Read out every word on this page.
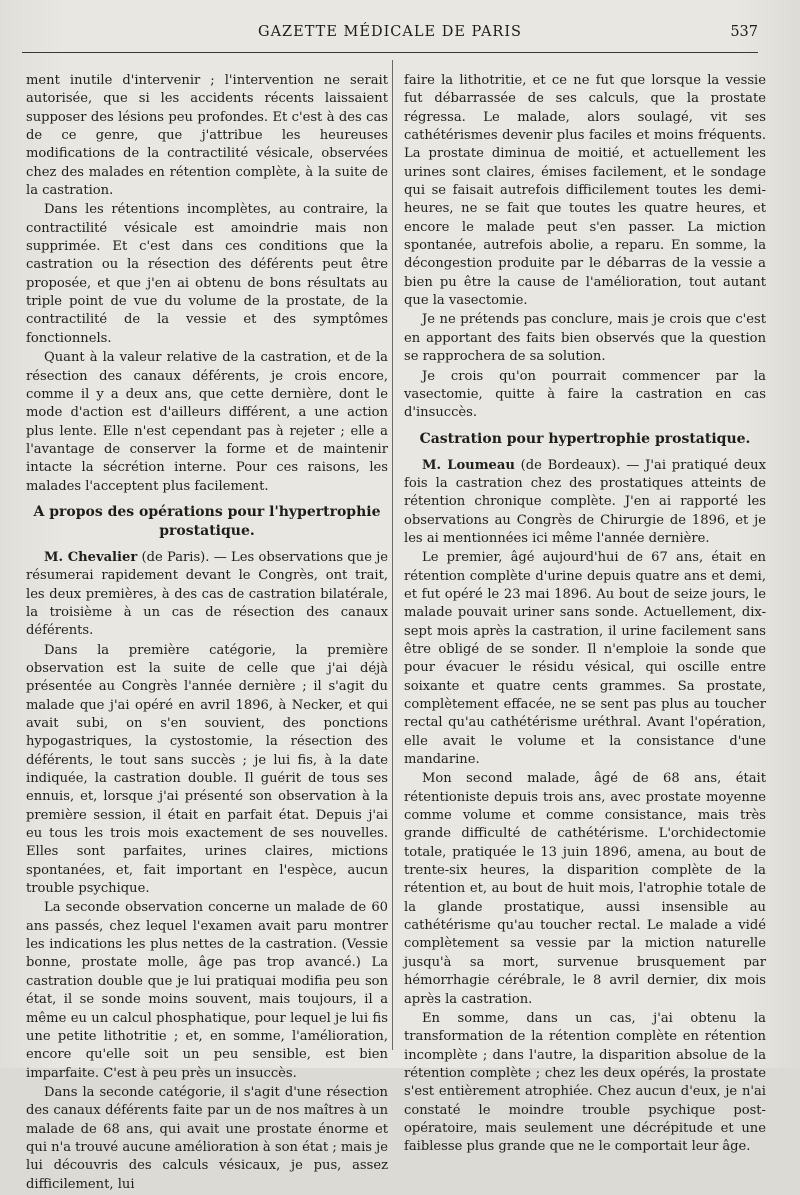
GAZETTE MÉDICALE DE PARIS	537

ment inutile d'intervenir ; l'intervention ne serait autorisée, que si les accidents récents laissaient supposer des lésions peu profondes. Et c'est à des cas de ce genre, que j'attribue les heureuses modifications de la contractilité vésicale, observées chez des malades en rétention complète, à la suite de la castration.

Dans les rétentions incomplètes, au contraire, la contractilité vésicale est amoindrie mais non supprimée. Et c'est dans ces conditions que la castration ou la résection des déférents peut être proposée, et que j'en ai obtenu de bons résultats au triple point de vue du volume de la prostate, de la contractilité de la vessie et des symptômes fonctionnels.

Quant à la valeur relative de la castration, et de la résection des canaux déférents, je crois encore, comme il y a deux ans, que cette dernière, dont le mode d'action est d'ailleurs différent, a une action plus lente. Elle n'est cependant pas à rejeter ; elle a l'avantage de conserver la forme et de maintenir intacte la sécrétion interne. Pour ces raisons, les malades l'acceptent plus facilement.

A propos des opérations pour l'hypertrophie prostatique.

M. Chevalier (de Paris). — Les observations que je résumerai rapidement devant le Congrès, ont trait, les deux premières, à des cas de castration bilatérale, la troisième à un cas de résection des canaux déférents.

Dans la première catégorie, la première observation est la suite de celle que j'ai déjà présentée au Congrès l'année dernière ; il s'agit du malade que j'ai opéré en avril 1896, à Necker, et qui avait subi, on s'en souvient, des ponctions hypogastriques, la cystostomie, la résection des déférents, le tout sans succès ; je lui fis, à la date indiquée, la castration double. Il guérit de tous ses ennuis, et, lorsque j'ai présenté son observation à la première session, il était en parfait état. Depuis j'ai eu tous les trois mois exactement de ses nouvelles. Elles sont parfaites, urines claires, mictions spontanées, et, fait important en l'espèce, aucun trouble psychique.

La seconde observation concerne un malade de 60 ans passés, chez lequel l'examen avait paru montrer les indications les plus nettes de la castration. (Vessie bonne, prostate molle, âge pas trop avancé.) La castration double que je lui pratiquai modifia peu son état, il se sonde moins souvent, mais toujours, il a même eu un calcul phosphatique, pour lequel je lui fis une petite lithotritie ; et, en somme, l'amélioration, encore qu'elle soit un peu sensible, est bien imparfaite. C'est à peu près un insuccès.

Dans la seconde catégorie, il s'agit d'une résection des canaux déférents faite par un de nos maîtres à un malade de 68 ans, qui avait une prostate énorme et qui n'a trouvé aucune amélioration à son état ; mais je lui découvris des calculs vésicaux, je pus, assez difficilement, lui

faire la lithotritie, et ce ne fut que lorsque la vessie fut débarrassée de ses calculs, que la prostate régressa. Le malade, alors soulagé, vit ses cathétérismes devenir plus faciles et moins fréquents. La prostate diminua de moitié, et actuellement les urines sont claires, émises facilement, et le sondage qui se faisait autrefois difficilement toutes les demi-heures, ne se fait que toutes les quatre heures, et encore le malade peut s'en passer. La miction spontanée, autrefois abolie, a reparu. En somme, la décongestion produite par le débarras de la vessie a bien pu être la cause de l'amélioration, tout autant que la vasectomie.

Je ne prétends pas conclure, mais je crois que c'est en apportant des faits bien observés que la question se rapprochera de sa solution.

Je crois qu'on pourrait commencer par la vasectomie, quitte à faire la castration en cas d'insuccès.

Castration pour hypertrophie prostatique.

M. Loumeau (de Bordeaux). — J'ai pratiqué deux fois la castration chez des prostatiques atteints de rétention chronique complète. J'en ai rapporté les observations au Congrès de Chirurgie de 1896, et je les ai mentionnées ici même l'année dernière.

Le premier, âgé aujourd'hui de 67 ans, était en rétention complète d'urine depuis quatre ans et demi, et fut opéré le 23 mai 1896. Au bout de seize jours, le malade pouvait uriner sans sonde. Actuellement, dix-sept mois après la castration, il urine facilement sans être obligé de se sonder. Il n'emploie la sonde que pour évacuer le résidu vésical, qui oscille entre soixante et quatre cents grammes. Sa prostate, complètement effacée, ne se sent pas plus au toucher rectal qu'au cathétérisme uréthral. Avant l'opération, elle avait le volume et la consistance d'une mandarine.

Mon second malade, âgé de 68 ans, était rétentioniste depuis trois ans, avec prostate moyenne comme volume et comme consistance, mais très grande difficulté de cathétérisme. L'orchidectomie totale, pratiquée le 13 juin 1896, amena, au bout de trente-six heures, la disparition complète de la rétention et, au bout de huit mois, l'atrophie totale de la glande prostatique, aussi insensible au cathétérisme qu'au toucher rectal. Le malade a vidé complètement sa vessie par la miction naturelle jusqu'à sa mort, survenue brusquement par hémorrhagie cérébrale, le 8 avril dernier, dix mois après la castration.

En somme, dans un cas, j'ai obtenu la transformation de la rétention complète en rétention incomplète ; dans l'autre, la disparition absolue de la rétention complète ; chez les deux opérés, la prostate s'est entièrement atrophiée. Chez aucun d'eux, je n'ai constaté le moindre trouble psychique post-opératoire, mais seulement une décrépitude et une faiblesse plus grande que ne le comportait leur âge.
